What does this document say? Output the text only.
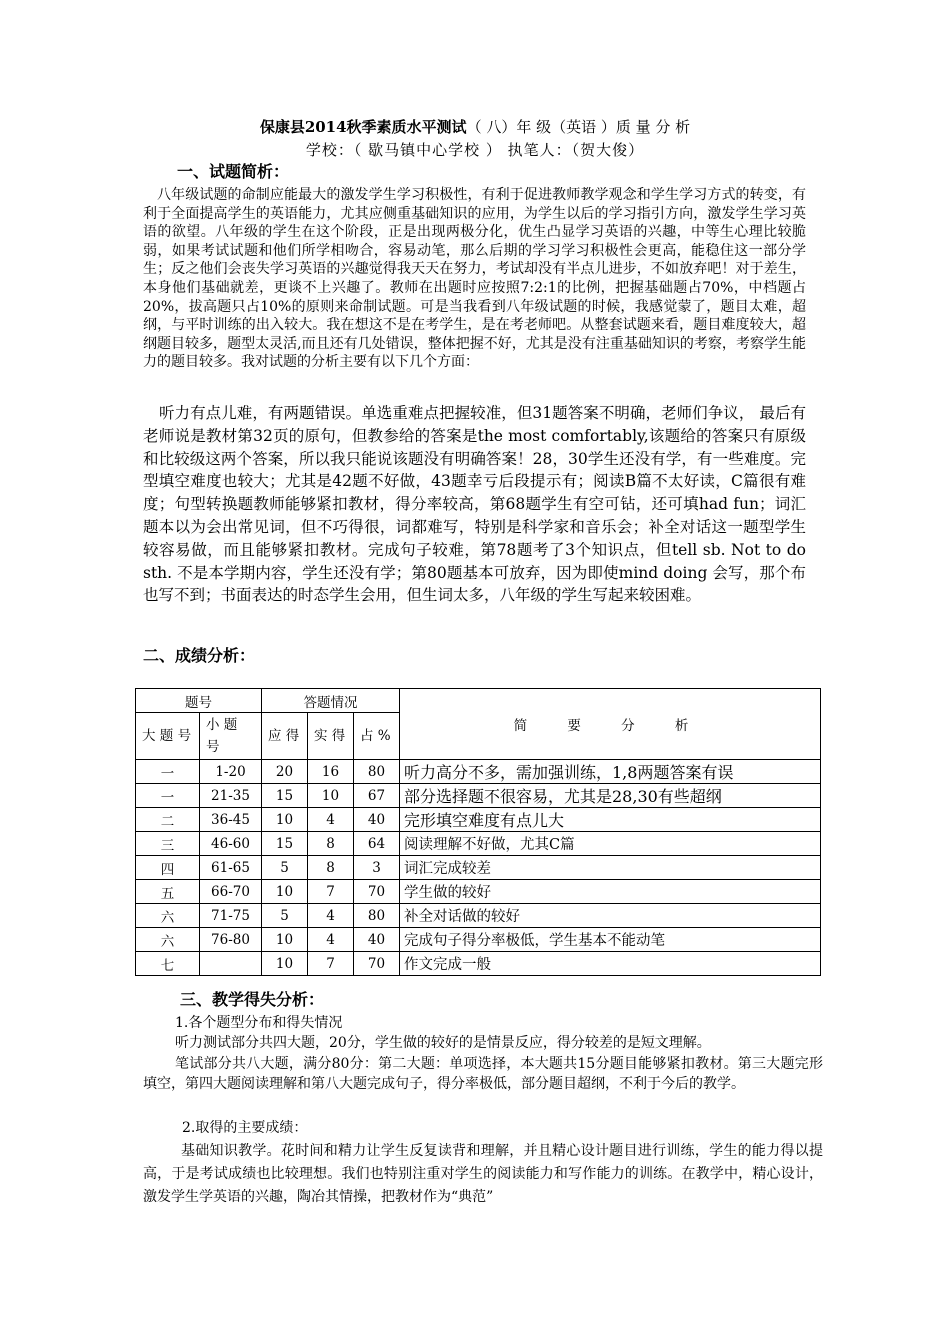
保康县2014秋季素质水平测试（ 八）年 级（英语 ）质 量 分 析
学校：（ 歇马镇中心学校 ） 执笔人：（贺大俊）
一、试题简析：
八年级试题的命制应能最大的激发学生学习积极性，有利于促进教师教学观念和学生学习方式的转变，有利于全面提高学生的英语能力，尤其应侧重基础知识的应用，为学生以后的学习指引方向，激发学生学习英语的欲望。八年级的学生在这个阶段，正是出现两极分化，优生凸显学习英语的兴趣，中等生心理比较脆弱，如果考试试题和他们所学相吻合，容易动笔，那么后期的学习学习积极性会更高，能稳住这一部分学生；反之他们会丧失学习英语的兴趣觉得我天天在努力，考试却没有半点儿进步，不如放弃吧！对于差生，本身他们基础就差，更谈不上兴趣了。教师在出题时应按照7:2:1的比例，把握基础题占70%，中档题占20%，拔高题只占10%的原则来命制试题。可是当我看到八年级试题的时候，我感觉蒙了，题目太难，超纲，与平时训练的出入较大。我在想这不是在考学生，是在考老师吧。从整套试题来看，题目难度较大，超纲题目较多，题型太灵活,而且还有几处错误，整体把握不好，尤其是没有注重基础知识的考察，考察学生能力的题目较多。我对试题的分析主要有以下几个方面：
听力有点儿难，有两题错误。单选重难点把握较准，但31题答案不明确，老师们争议， 最后有老师说是教材第32页的原句，但教参给的答案是the most comfortably,该题给的答案只有原级和比较级这两个答案，所以我只能说该题没有明确答案！28，30学生还没有学，有一些难度。完型填空难度也较大；尤其是42题不好做，43题幸亏后段提示有；阅读B篇不太好读，C篇很有难度；句型转换题教师能够紧扣教材，得分率较高，第68题学生有空可钻，还可填had fun；词汇题本以为会出常见词，但不巧得很，词都难写，特别是科学家和音乐会；补全对话这一题型学生较容易做，而且能够紧扣教材。完成句子较难，第78题考了3个知识点，但tell sb. Not to do sth. 不是本学期内容，学生还没有学；第80题基本可放弃，因为即使mind doing 会写，那个布也写不到；书面表达的时态学生会用，但生词太多，八年级的学生写起来较困难。
二、成绩分析：
题号		答题情况			简 要 分 析
大 题 号	小 题 号	应 得	实 得	占 %	
一	1-20	20	16	80	听力高分不多，需加强训练，1,8两题答案有误
一	21-35	15	10	67	部分选择题不很容易，尤其是28,30有些超纲
二	36-45	10	4	40	完形填空难度有点儿大
三	46-60	15	8	64	阅读理解不好做，尤其C篇
四	61-65	5	8	3	词汇完成较差
五	66-70	10	7	70	学生做的较好
六	71-75	5	4	80	补全对话做的较好
六	76-80	10	4	40	完成句子得分率极低，学生基本不能动笔
七		10	7	70	作文完成一般
三、教学得失分析：
1.各个题型分布和得失情况
听力测试部分共四大题，20分，学生做的较好的是情景反应，得分较差的是短文理解。
笔试部分共八大题，满分80分：第二大题：单项选择，本大题共15分题目能够紧扣教材。第三大题完形填空，第四大题阅读理解和第八大题完成句子，得分率极低，部分题目超纲，不利于今后的教学。
2.取得的主要成绩：
基础知识教学。花时间和精力让学生反复读背和理解，并且精心设计题目进行训练，学生的能力得以提高，于是考试成绩也比较理想。我们也特别注重对学生的阅读能力和写作能力的训练。在教学中，精心设计，激发学生学英语的兴趣，陶冶其情操，把教材作为“典范”
